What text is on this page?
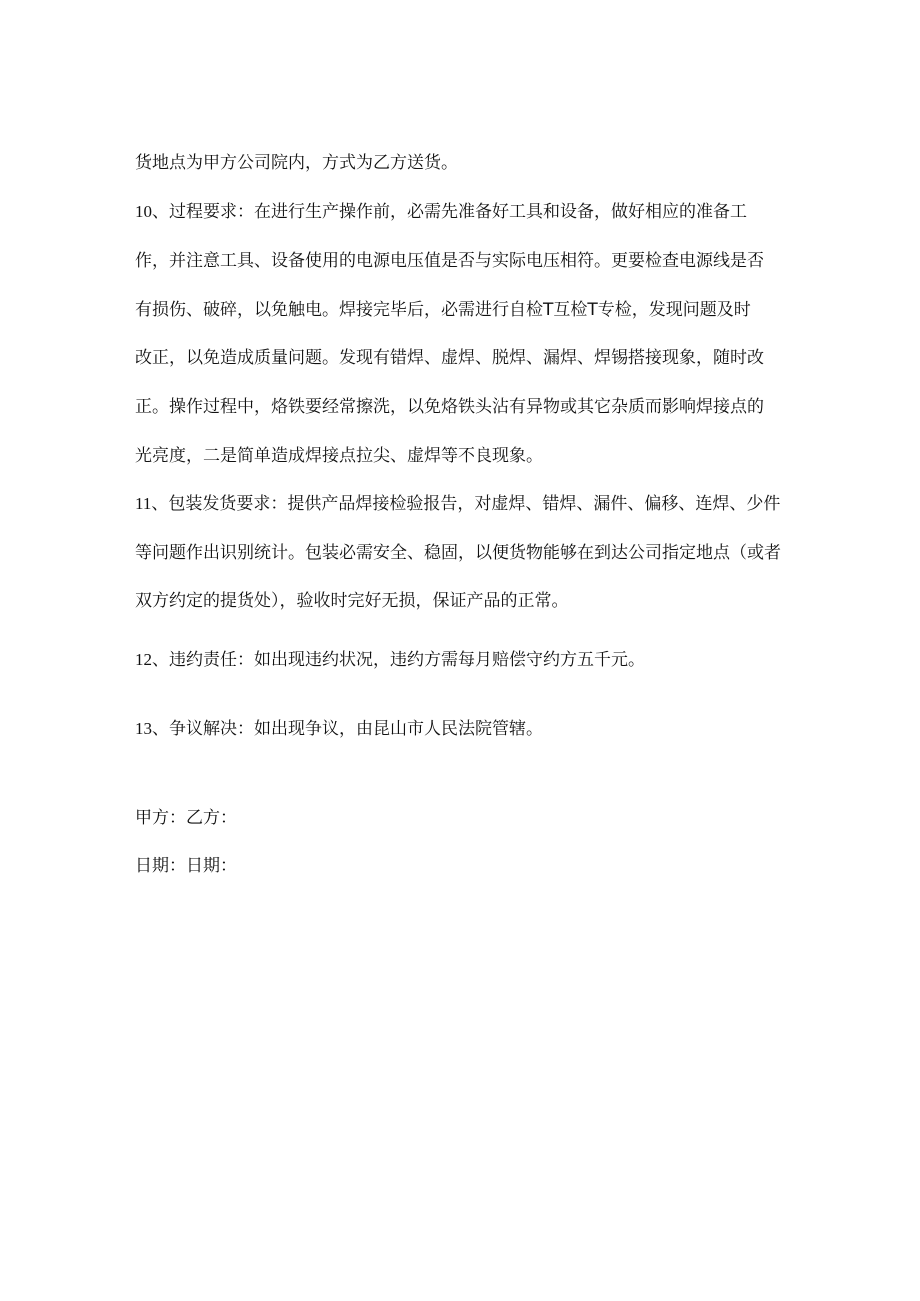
货地点为甲方公司院内，方式为乙方送货。
10、过程要求：在进行生产操作前，必需先准备好工具和设备，做好相应的准备工
作，并注意工具、设备使用的电源电压值是否与实际电压相符。更要检查电源线是否
有损伤、破碎，以免触电。焊接完毕后，必需进行自检T互检T专检，发现问题及时
改正，以免造成质量问题。发现有错焊、虚焊、脱焊、漏焊、焊锡搭接现象，随时改
正。操作过程中，烙铁要经常擦洗，以免烙铁头沾有异物或其它杂质而影响焊接点的
光亮度，二是简单造成焊接点拉尖、虚焊等不良现象。
11、包装发货要求：提供产品焊接检验报告，对虚焊、错焊、漏件、偏移、连焊、少件
等问题作出识别统计。包装必需安全、稳固，以便货物能够在到达公司指定地点（或者
双方约定的提货处），验收时完好无损，保证产品的正常。
12、违约责任：如出现违约状况，违约方需每月赔偿守约方五千元。
13、争议解决：如出现争议，由昆山市人民法院管辖。
甲方：乙方：
日期：日期：
